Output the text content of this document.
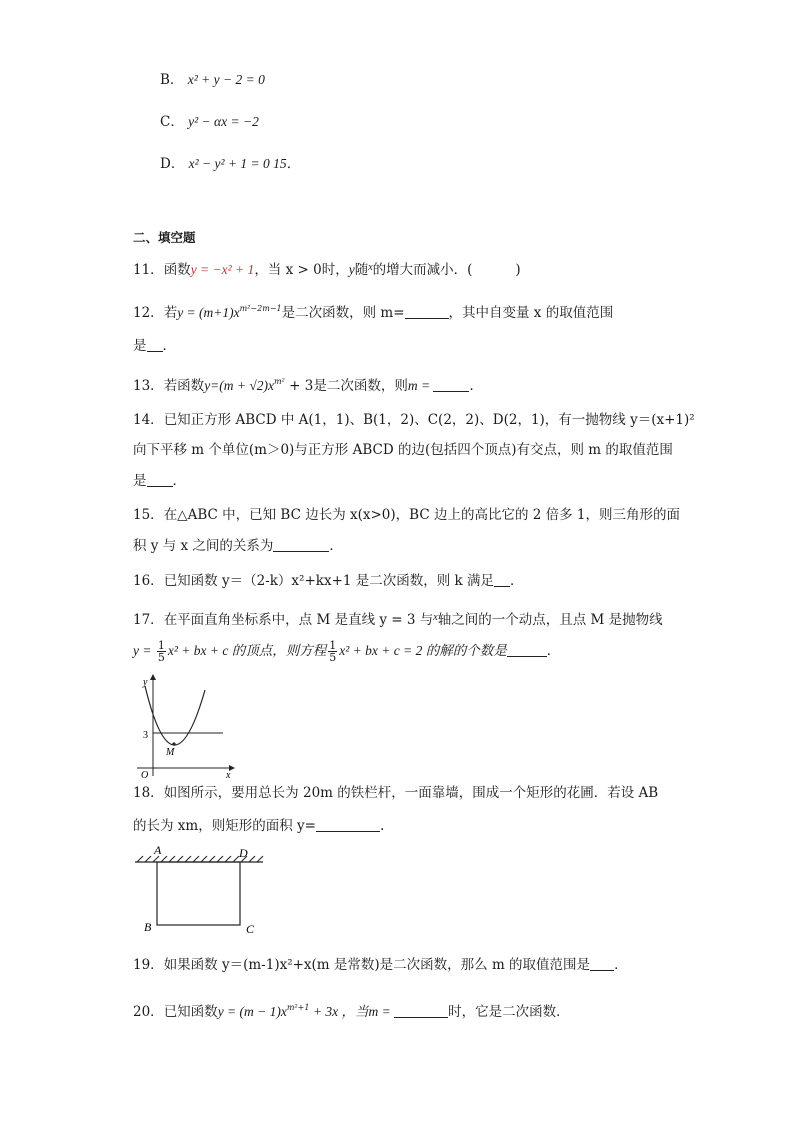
B． x² + y − 2 = 0
C． y² − αx = −2
D． x² − y² + 1 = 0 15．
二、填空题
11．函数y = −x² + 1，当 x > 0时，y随$^x$的增大而减小．(          )
12．若$y = (m+1)x^{m^2-2m-1}$是二次函数，则 m=	，其中自变量 x 的取值范围
是 ．
13．若函数$y=(m + √2)x^{m^2} + 3$是二次函数，则m =	．
14．已知正方形 ABCD 中 A(1，1)、B(1，2)、C(2，2)、D(2，1)，有一抛物线 y＝(x+1)²
向下平移 m 个单位(m＞0)与正方形 ABCD 的边(包括四个顶点)有交点，则 m 的取值范围
是 ．
15．在△ABC 中，已知 BC 边长为 x(x>0)，BC 边上的高比它的 2 倍多 1，则三角形的面
积 y 与 x 之间的关系为	．
16．已知函数 y＝（2-k）x²+kx+1 是二次函数，则 k 满足 ．
17．在平面直角坐标系中，点 M 是直线 y = 3 与$^x$轴之间的一个动点，且点 M 是抛物线
$y = \frac{1}{5} x^2$ + bx + c 的顶点，则方程 $\frac{1}{5} x^2$ + bx + c = 2 的解的个数是	．
y
x
3
O
M
18．如图所示，要用总长为 20m 的铁栏杆，一面靠墙，围成一个矩形的花圃．若设 AB
的长为 xm，则矩形的面积 y=	.
A	D
B	C
19．如果函数 y＝(m-1)x²+x(m 是常数)是二次函数，那么 m 的取值范围是 ．
20．已知函数$y = (m - 1)x^{m^2+1} + 3x$ ，当m =	时，它是二次函数．
